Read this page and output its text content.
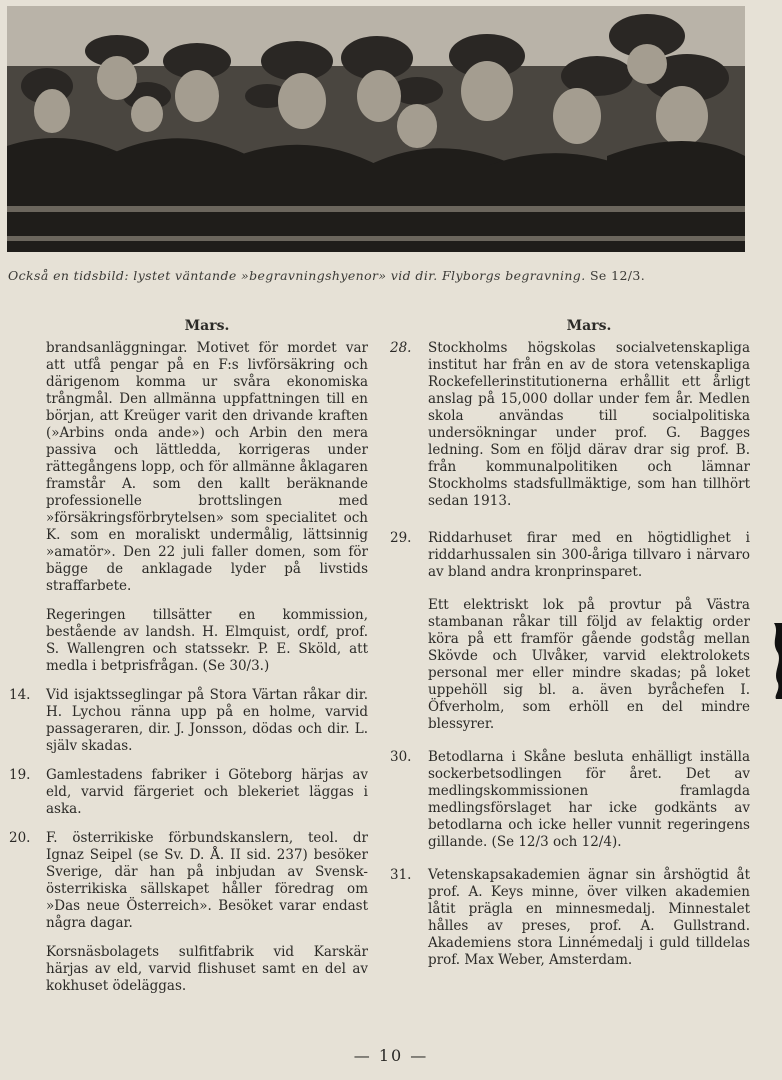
Också en tidsbild: lystet väntande »begravningshyenor» vid dir. Flyborgs begravning. Se 12/3.
Mars.
brandsanläggningar. Motivet för mordet var att utfå pengar på en F:s livförsäkring och därigenom komma ur svåra ekonomiska trångmål. Den allmänna uppfattningen till en början, att Kreüger varit den drivande kraften (»Arbins onda ande») och Arbin den mera passiva och lättledda, korrigeras under rättegångens lopp, och för allmänne åklagaren framstår A. som den kallt beräknande professionelle brottslingen med »försäkringsförbrytelsen» som specialitet och K. som en moraliskt undermålig, lättsinnig »amatör». Den 22 juli faller domen, som för bägge de anklagade lyder på livstids straffarbete.
Regeringen tillsätter en kommission, bestående av landsh. H. Elmquist, ordf, prof. S. Wallengren och statssekr. P. E. Sköld, att medla i betprisfrågan. (Se 30/3.)
14.	Vid isjaktsseglingar på Stora Värtan råkar dir. H. Lychou ränna upp på en holme, varvid passageraren, dir. J. Jonsson, dödas och dir. L. själv skadas.
19.	Gamlestadens fabriker i Göteborg härjas av eld, varvid färgeriet och blekeriet läggas i aska.
20.	F. österrikiske förbundskanslern, teol. dr Ignaz Seipel (se Sv. D. Å. II sid. 237) besöker Sverige, där han på inbjudan av Svensk-österrikiska sällskapet håller föredrag om »Das neue Österreich». Besöket varar endast några dagar.
Korsnäsbolagets sulfitfabrik vid Karskär härjas av eld, varvid flishuset samt en del av kokhuset ödeläggas.
Mars.
28.	Stockholms högskolas socialvetenskapliga institut har från en av de stora vetenskapliga Rockefellerinstitutionerna erhållit ett årligt anslag på 15,000 dollar under fem år. Medlen skola användas till socialpolitiska undersökningar under prof. G. Bagges ledning. Som en följd därav drar sig prof. B. från kommunalpolitiken och lämnar Stockholms stadsfullmäktige, som han tillhört sedan 1913.
29.	Riddarhuset firar med en högtidlighet i riddarhussalen sin 300-åriga tillvaro i närvaro av bland andra kronprinsparet.
Ett elektriskt lok på provtur på Västra stambanan råkar till följd av felaktig order köra på ett framför gående godståg mellan Skövde och Ulvåker, varvid elektrolokets personal mer eller mindre skadas; på loket uppehöll sig bl. a. även byråchefen I. Öfverholm, som erhöll en del mindre blessyrer.
30.	Betodlarna i Skåne besluta enhälligt inställa sockerbetsodlingen för året. Det av medlingskommissionen framlagda medlingsförslaget har icke godkänts av betodlarna och icke heller vunnit regeringens gillande. (Se 12/3 och 12/4).
31.	Vetenskapsakademien ägnar sin årshögtid åt prof. A. Keys minne, över vilken akademien låtit prägla en minnesmedalj. Minnestalet hålles av preses, prof. A. Gullstrand. Akademiens stora Linnémedalj i guld tilldelas prof. Max Weber, Amsterdam.
— 10 —
